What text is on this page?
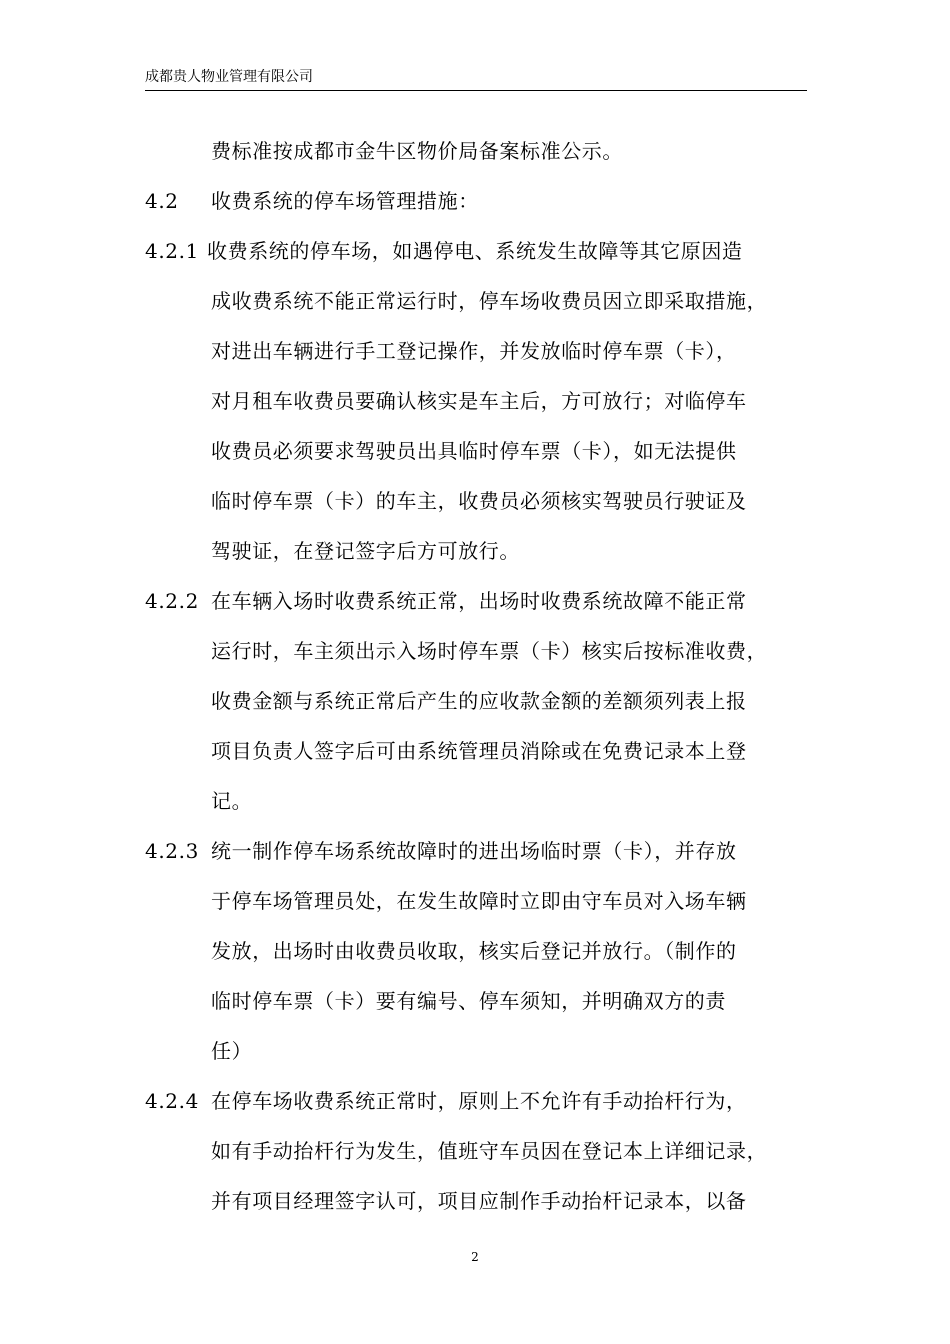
成都贵人物业管理有限公司
费标准按成都市金牛区物价局备案标准公示。
4.2 收费系统的停车场管理措施：
4.2.1 收费系统的停车场，如遇停电、系统发生故障等其它原因造
成收费系统不能正常运行时，停车场收费员因立即采取措施，
对进出车辆进行手工登记操作，并发放临时停车票（卡），
对月租车收费员要确认核实是车主后，方可放行；对临停车
收费员必须要求驾驶员出具临时停车票（卡），如无法提供
临时停车票（卡）的车主，收费员必须核实驾驶员行驶证及
驾驶证，在登记签字后方可放行。
4.2.2 在车辆入场时收费系统正常，出场时收费系统故障不能正常
运行时，车主须出示入场时停车票（卡）核实后按标准收费，
收费金额与系统正常后产生的应收款金额的差额须列表上报
项目负责人签字后可由系统管理员消除或在免费记录本上登
记。
4.2.3 统一制作停车场系统故障时的进出场临时票（卡），并存放
于停车场管理员处，在发生故障时立即由守车员对入场车辆
发放，出场时由收费员收取，核实后登记并放行。（制作的
临时停车票（卡）要有编号、停车须知，并明确双方的责
任）
4.2.4 在停车场收费系统正常时，原则上不允许有手动抬杆行为，
如有手动抬杆行为发生，值班守车员因在登记本上详细记录，
并有项目经理签字认可，项目应制作手动抬杆记录本，以备
2
